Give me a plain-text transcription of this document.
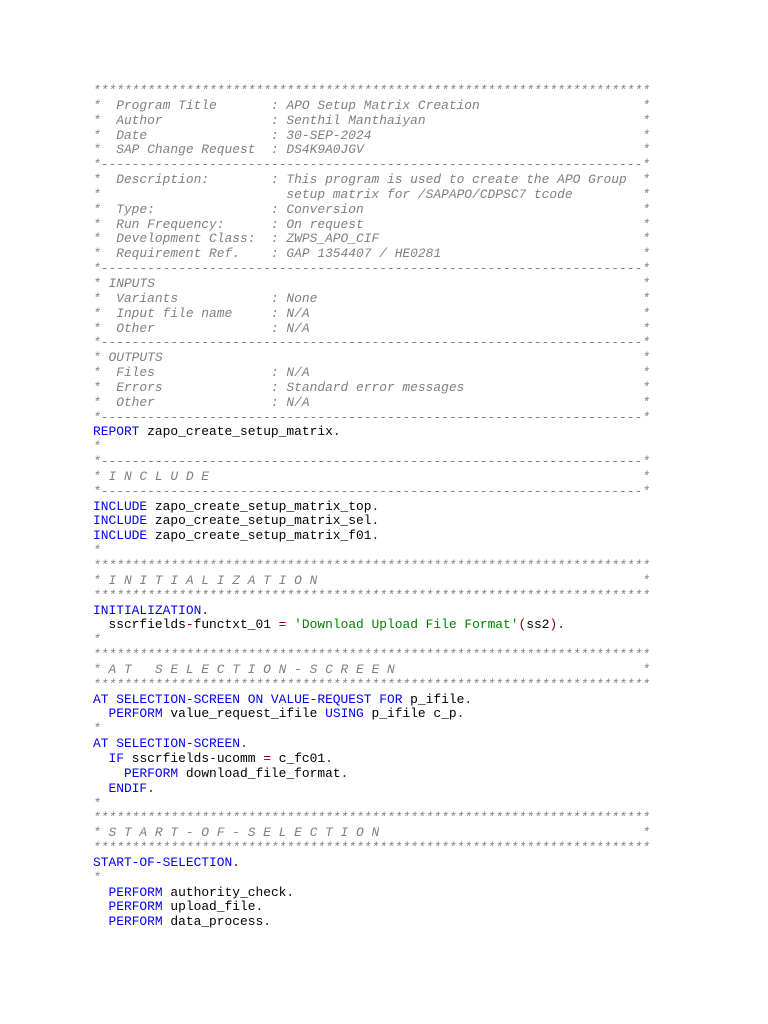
************************************************************************
*  Program Title       : APO Setup Matrix Creation                     *
*  Author              : Senthil Manthaiyan                            *
*  Date                : 30-SEP-2024                                   *
*  SAP Change Request  : DS4K9A0JGV                                    *
*----------------------------------------------------------------------*
*  Description:        : This program is used to create the APO Group  *
*                        setup matrix for /SAPAPO/CDPSC7 tcode         *
*  Type:               : Conversion                                    *
*  Run Frequency:      : On request                                    *
*  Development Class:  : ZWPS_APO_CIF                                  *
*  Requirement Ref.    : GAP 1354407 / HE0281                          *
*----------------------------------------------------------------------*
* INPUTS                                                               *
*  Variants            : None                                          *
*  Input file name     : N/A                                           *
*  Other               : N/A                                           *
*----------------------------------------------------------------------*
* OUTPUTS                                                              *
*  Files               : N/A                                           *
*  Errors              : Standard error messages                       *
*  Other               : N/A                                           *
*----------------------------------------------------------------------*
REPORT zapo_create_setup_matrix.
*
*----------------------------------------------------------------------*
* I N C L U D E                                                        *
*----------------------------------------------------------------------*
INCLUDE zapo_create_setup_matrix_top.
INCLUDE zapo_create_setup_matrix_sel.
INCLUDE zapo_create_setup_matrix_f01.
*
************************************************************************
* I N I T I A L I Z A T I O N                                          *
************************************************************************
INITIALIZATION.
sscrfields-functxt_01 = 'Download Upload File Format'(ss2).
*
************************************************************************
* A T   S E L E C T I O N - S C R E E N                                *
************************************************************************
AT SELECTION-SCREEN ON VALUE-REQUEST FOR p_ifile.
PERFORM value_request_ifile USING p_ifile c_p.
*
AT SELECTION-SCREEN.
IF sscrfields-ucomm = c_fc01.
PERFORM download_file_format.
ENDIF.
*
************************************************************************
* S T A R T - O F - S E L E C T I O N                                  *
************************************************************************
START-OF-SELECTION.
*
PERFORM authority_check.
PERFORM upload_file.
PERFORM data_process.
